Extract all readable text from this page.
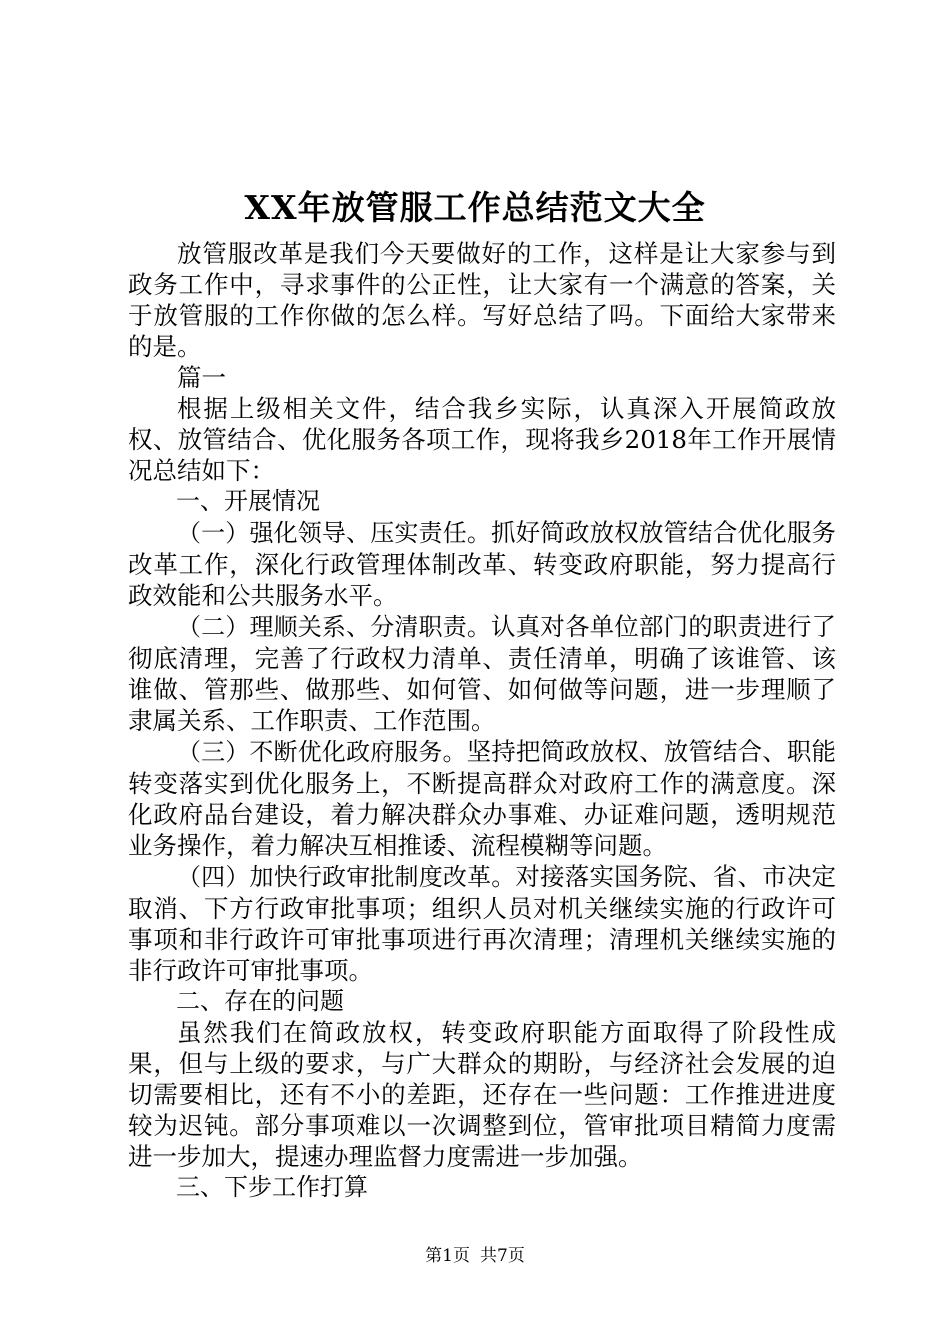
XX年放管服工作总结范文大全

放管服改革是我们今天要做好的工作，这样是让大家参与到政务工作中，寻求事件的公正性，让大家有一个满意的答案，关于放管服的工作你做的怎么样。写好总结了吗。下面给大家带来的是。

篇一

根据上级相关文件，结合我乡实际，认真深入开展简政放权、放管结合、优化服务各项工作，现将我乡2018年工作开展情况总结如下：

一、开展情况

（一）强化领导、压实责任。抓好简政放权放管结合优化服务改革工作，深化行政管理体制改革、转变政府职能，努力提高行政效能和公共服务水平。

（二）理顺关系、分清职责。认真对各单位部门的职责进行了彻底清理，完善了行政权力清单、责任清单，明确了该谁管、该谁做、管那些、做那些、如何管、如何做等问题，进一步理顺了隶属关系、工作职责、工作范围。

（三）不断优化政府服务。坚持把简政放权、放管结合、职能转变落实到优化服务上，不断提高群众对政府工作的满意度。深化政府品台建设，着力解决群众办事难、办证难问题，透明规范业务操作，着力解决互相推诿、流程模糊等问题。

（四）加快行政审批制度改革。对接落实国务院、省、市决定取消、下方行政审批事项；组织人员对机关继续实施的行政许可事项和非行政许可审批事项进行再次清理；清理机关继续实施的非行政许可审批事项。

二、存在的问题

虽然我们在简政放权，转变政府职能方面取得了阶段性成果，但与上级的要求，与广大群众的期盼，与经济社会发展的迫切需要相比，还有不小的差距，还存在一些问题：工作推进进度较为迟钝。部分事项难以一次调整到位，管审批项目精简力度需进一步加大，提速办理监督力度需进一步加强。

三、下步工作打算

第1页 共7页
